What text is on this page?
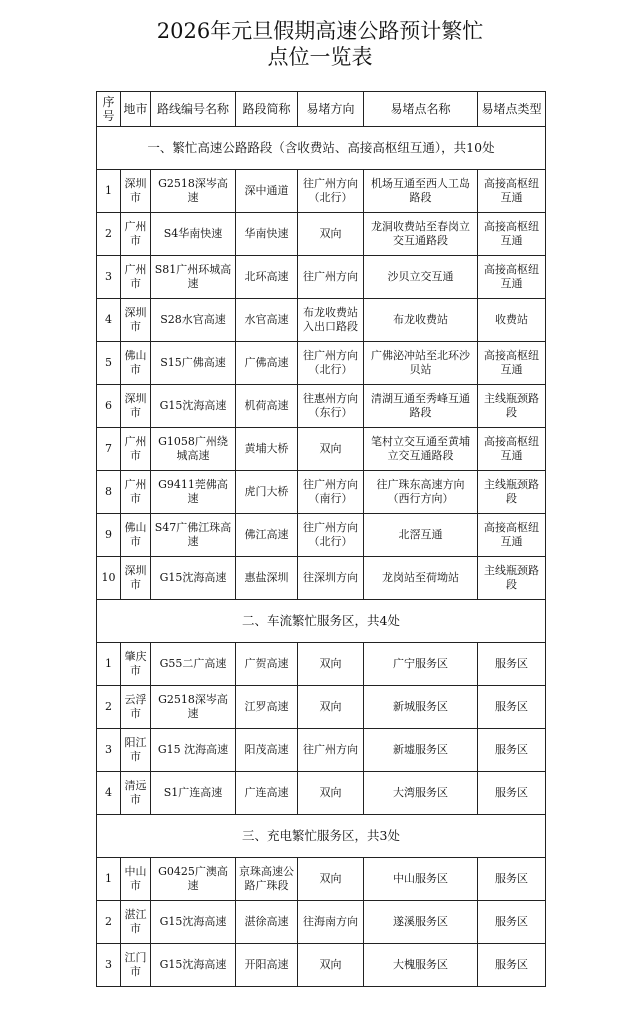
2026年元旦假期高速公路预计繁忙
点位一览表
序号	地市	路线编号名称	路段简称	易堵方向	易堵点名称	易堵点类型
一、繁忙高速公路路段（含收费站、高接高枢纽互通），共10处						
1	深圳市	G2518深岑高速	深中通道	往广州方向（北行）	机场互通至西人工岛路段	高接高枢纽互通
2	广州市	S4华南快速	华南快速	双向	龙洞收费站至春岗立交互通路段	高接高枢纽互通
3	广州市	S81广州环城高速	北环高速	往广州方向	沙贝立交互通	高接高枢纽互通
4	深圳市	S28水官高速	水官高速	布龙收费站入出口路段	布龙收费站	收费站
5	佛山市	S15广佛高速	广佛高速	往广州方向（北行）	广佛泌冲站至北环沙贝站	高接高枢纽互通
6	深圳市	G15沈海高速	机荷高速	往惠州方向（东行）	清湖互通至秀峰互通路段	主线瓶颈路段
7	广州市	G1058广州绕城高速	黄埔大桥	双向	笔村立交互通至黄埔立交互通路段	高接高枢纽互通
8	广州市	G9411莞佛高速	虎门大桥	往广州方向（南行）	往广珠东高速方向（西行方向）	主线瓶颈路段
9	佛山市	S47广佛江珠高速	佛江高速	往广州方向（北行）	北滘互通	高接高枢纽互通
10	深圳市	G15沈海高速	惠盐深圳	往深圳方向	龙岗站至荷坳站	主线瓶颈路段
二、车流繁忙服务区，共4处						
1	肇庆市	G55二广高速	广贺高速	双向	广宁服务区	服务区
2	云浮市	G2518深岑高速	江罗高速	双向	新城服务区	服务区
3	阳江市	G15 沈海高速	阳茂高速	往广州方向	新墟服务区	服务区
4	清远市	S1广连高速	广连高速	双向	大湾服务区	服务区
三、充电繁忙服务区，共3处						
1	中山市	G0425广澳高速	京珠高速公路广珠段	双向	中山服务区	服务区
2	湛江市	G15沈海高速	湛徐高速	往海南方向	遂溪服务区	服务区
3	江门市	G15沈海高速	开阳高速	双向	大槐服务区	服务区
